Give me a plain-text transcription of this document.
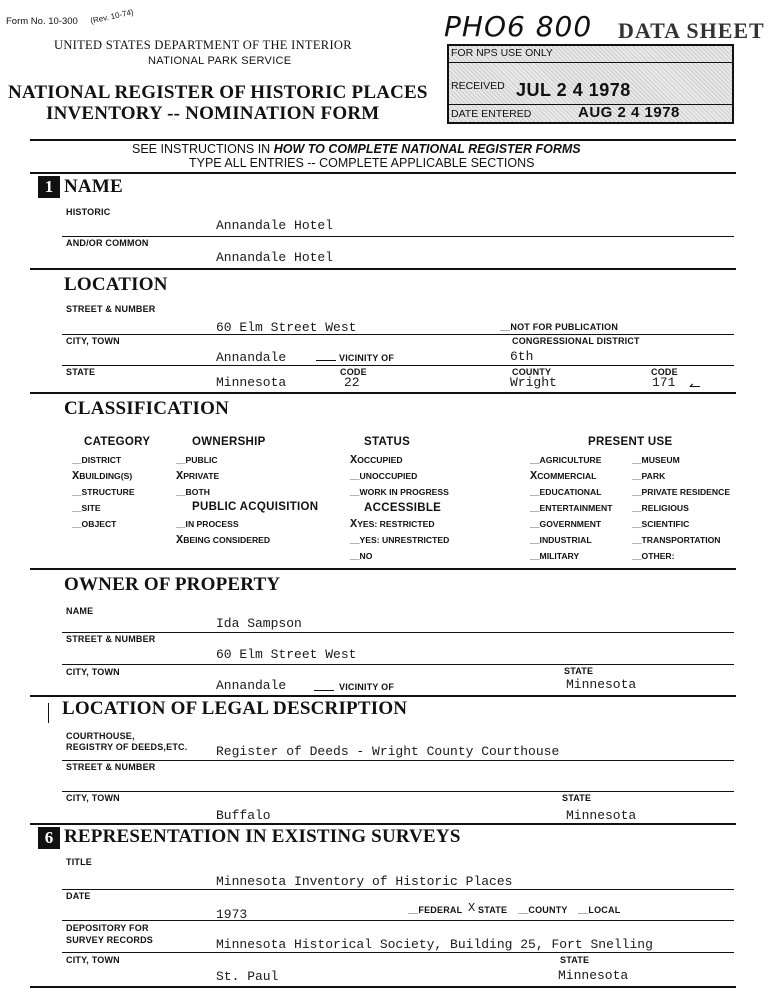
Form No. 10-300 (Rev. 10-74)
UNITED STATES DEPARTMENT OF THE INTERIOR
NATIONAL PARK SERVICE
NATIONAL REGISTER OF HISTORIC PLACES
INVENTORY -- NOMINATION FORM
PHO6 800 DATA SHEET
FOR NPS USE ONLY
RECEIVED JUL 2 4 1978
DATE ENTERED	AUG 2 4 1978
SEE INSTRUCTIONS IN HOW TO COMPLETE NATIONAL REGISTER FORMS
TYPE ALL ENTRIES -- COMPLETE APPLICABLE SECTIONS
1 NAME
HISTORIC
Annandale Hotel
AND/OR COMMON
Annandale Hotel
LOCATION
STREET & NUMBER
60 Elm Street West	__NOT FOR PUBLICATION
CITY, TOWN	CONGRESSIONAL DISTRICT
Annandale	VICINITY OF	6th
STATE	CODE	COUNTY	CODE
Minnesota	22	Wright	171 ↼
CLASSIFICATION
CATEGORY
__DISTRICT
XBUILDING(S)
__STRUCTURE
__SITE
__OBJECT
OWNERSHIP
__PUBLIC
XPRIVATE
__BOTH
PUBLIC ACQUISITION
__IN PROCESS
XBEING CONSIDERED
STATUS
XOCCUPIED
__UNOCCUPIED
__WORK IN PROGRESS
ACCESSIBLE
XYES: RESTRICTED
__YES: UNRESTRICTED
__NO
PRESENT USE
__AGRICULTURE
XCOMMERCIAL
__EDUCATIONAL
__ENTERTAINMENT
__GOVERNMENT
__INDUSTRIAL
__MILITARY
__MUSEUM
__PARK
__PRIVATE RESIDENCE
__RELIGIOUS
__SCIENTIFIC
__TRANSPORTATION
__OTHER:
OWNER OF PROPERTY
NAME
Ida Sampson
STREET & NUMBER
60 Elm Street West
CITY, TOWN	STATE
Annandale	VICINITY OF	Minnesota
LOCATION OF LEGAL DESCRIPTION
COURTHOUSE,
REGISTRY OF DEEDS,ETC. Register of Deeds - Wright County Courthouse
STREET & NUMBER
CITY, TOWN	STATE
Buffalo	Minnesota
6 REPRESENTATION IN EXISTING SURVEYS
TITLE
Minnesota Inventory of Historic Places
DATE
1973	__FEDERAL X STATE __COUNTY __LOCAL
DEPOSITORY FOR
SURVEY RECORDS	Minnesota Historical Society, Building 25, Fort Snelling
CITY, TOWN	STATE
St. Paul	Minnesota
